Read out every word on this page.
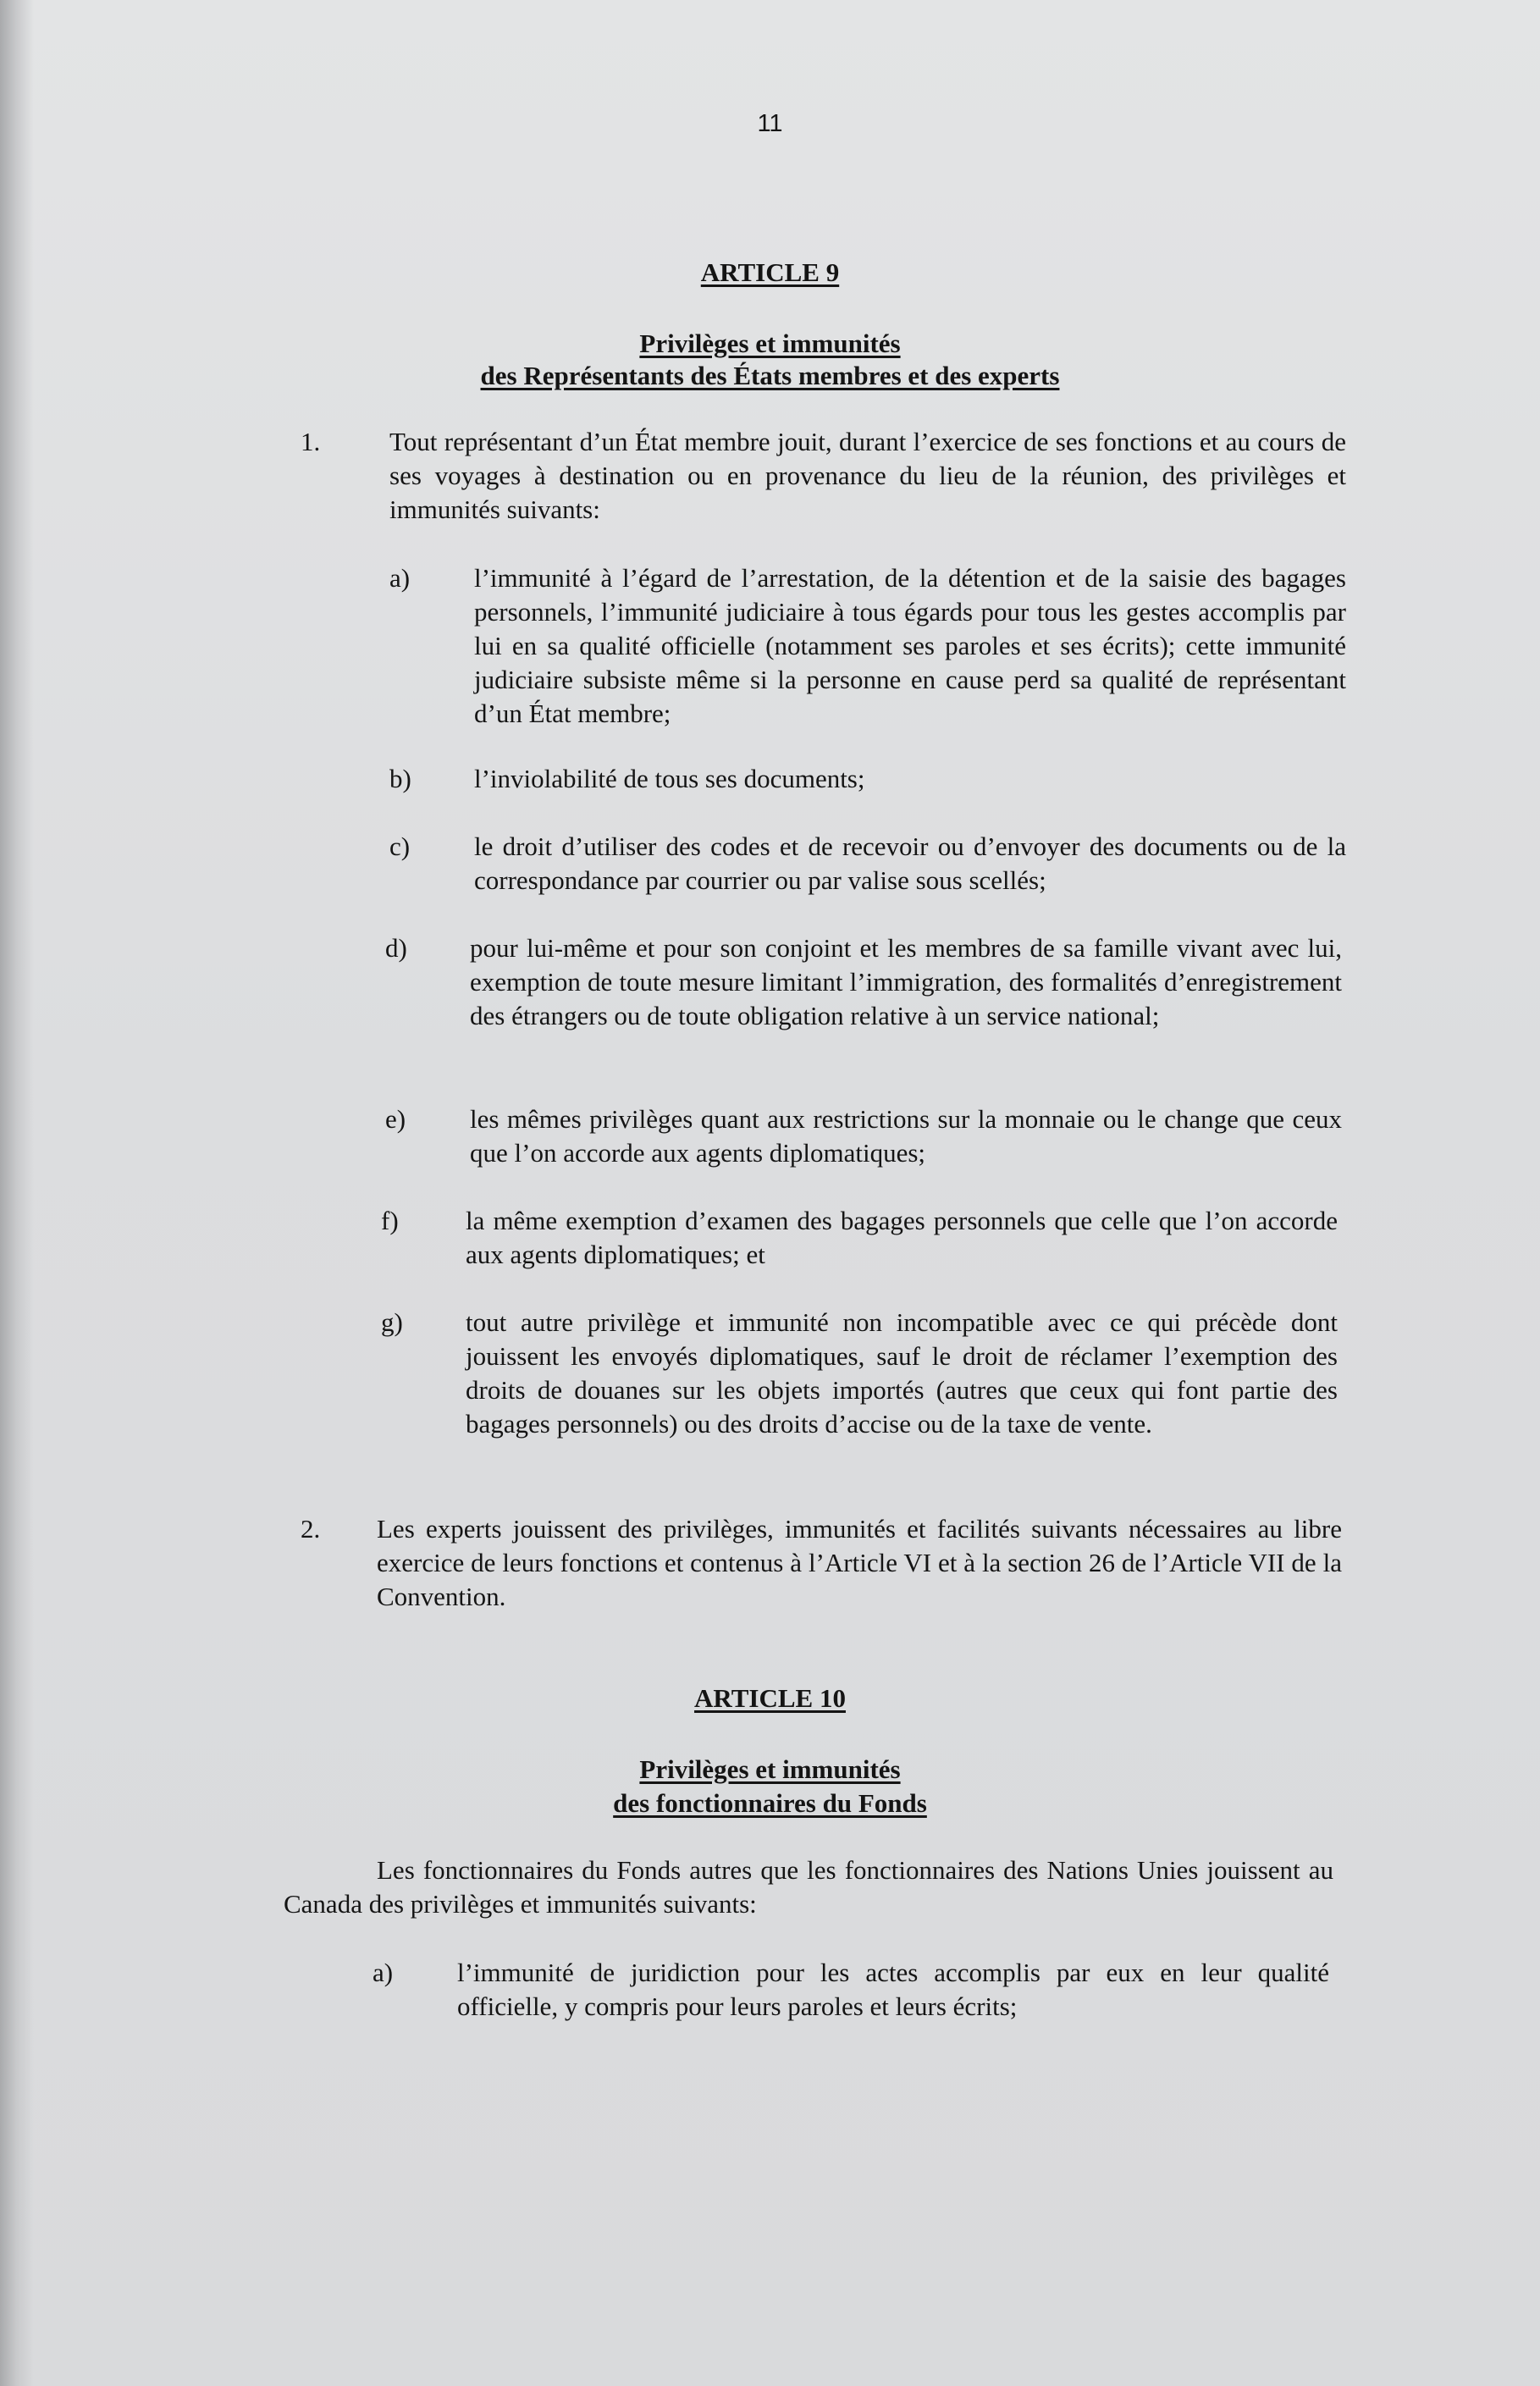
11
ARTICLE 9
Privilèges et immunités
des Représentants des États membres et des experts
1.	Tout représentant d’un État membre jouit, durant l’exercice de ses fonctions et au cours de ses voyages à destination ou en provenance du lieu de la réunion, des privilèges et immunités suivants:
a) l’immunité à l’égard de l’arrestation, de la détention et de la saisie des bagages personnels, l’immunité judiciaire à tous égards pour tous les gestes accomplis par lui en sa qualité officielle (notamment ses paroles et ses écrits); cette immunité judiciaire subsiste même si la personne en cause perd sa qualité de représentant d’un État membre;
b) l’inviolabilité de tous ses documents;
c) le droit d’utiliser des codes et de recevoir ou d’envoyer des documents ou de la correspondance par courrier ou par valise sous scellés;
d) pour lui-même et pour son conjoint et les membres de sa famille vivant avec lui, exemption de toute mesure limitant l’immigration, des formalités d’enregistrement des étrangers ou de toute obligation relative à un service national;
e) les mêmes privilèges quant aux restrictions sur la monnaie ou le change que ceux que l’on accorde aux agents diplomatiques;
f)	la même exemption d’examen des bagages personnels que celle que l’on accorde aux agents diplomatiques; et
g) tout autre privilège et immunité non incompatible avec ce qui précède dont jouissent les envoyés diplomatiques, sauf le droit de réclamer l’exemption des droits de douanes sur les objets importés (autres que ceux qui font partie des bagages personnels) ou des droits d’accise ou de la taxe de vente.
2. Les experts jouissent des privilèges, immunités et facilités suivants nécessaires au libre exercice de leurs fonctions et contenus à l’Article VI et à la section 26 de l’Article VII de la Convention.
ARTICLE 10
Privilèges et immunités
des fonctionnaires du Fonds
Les fonctionnaires du Fonds autres que les fonctionnaires des Nations Unies jouissent au Canada des privilèges et immunités suivants:
a) l’immunité de juridiction pour les actes accomplis par eux en leur qualité officielle, y compris pour leurs paroles et leurs écrits;
